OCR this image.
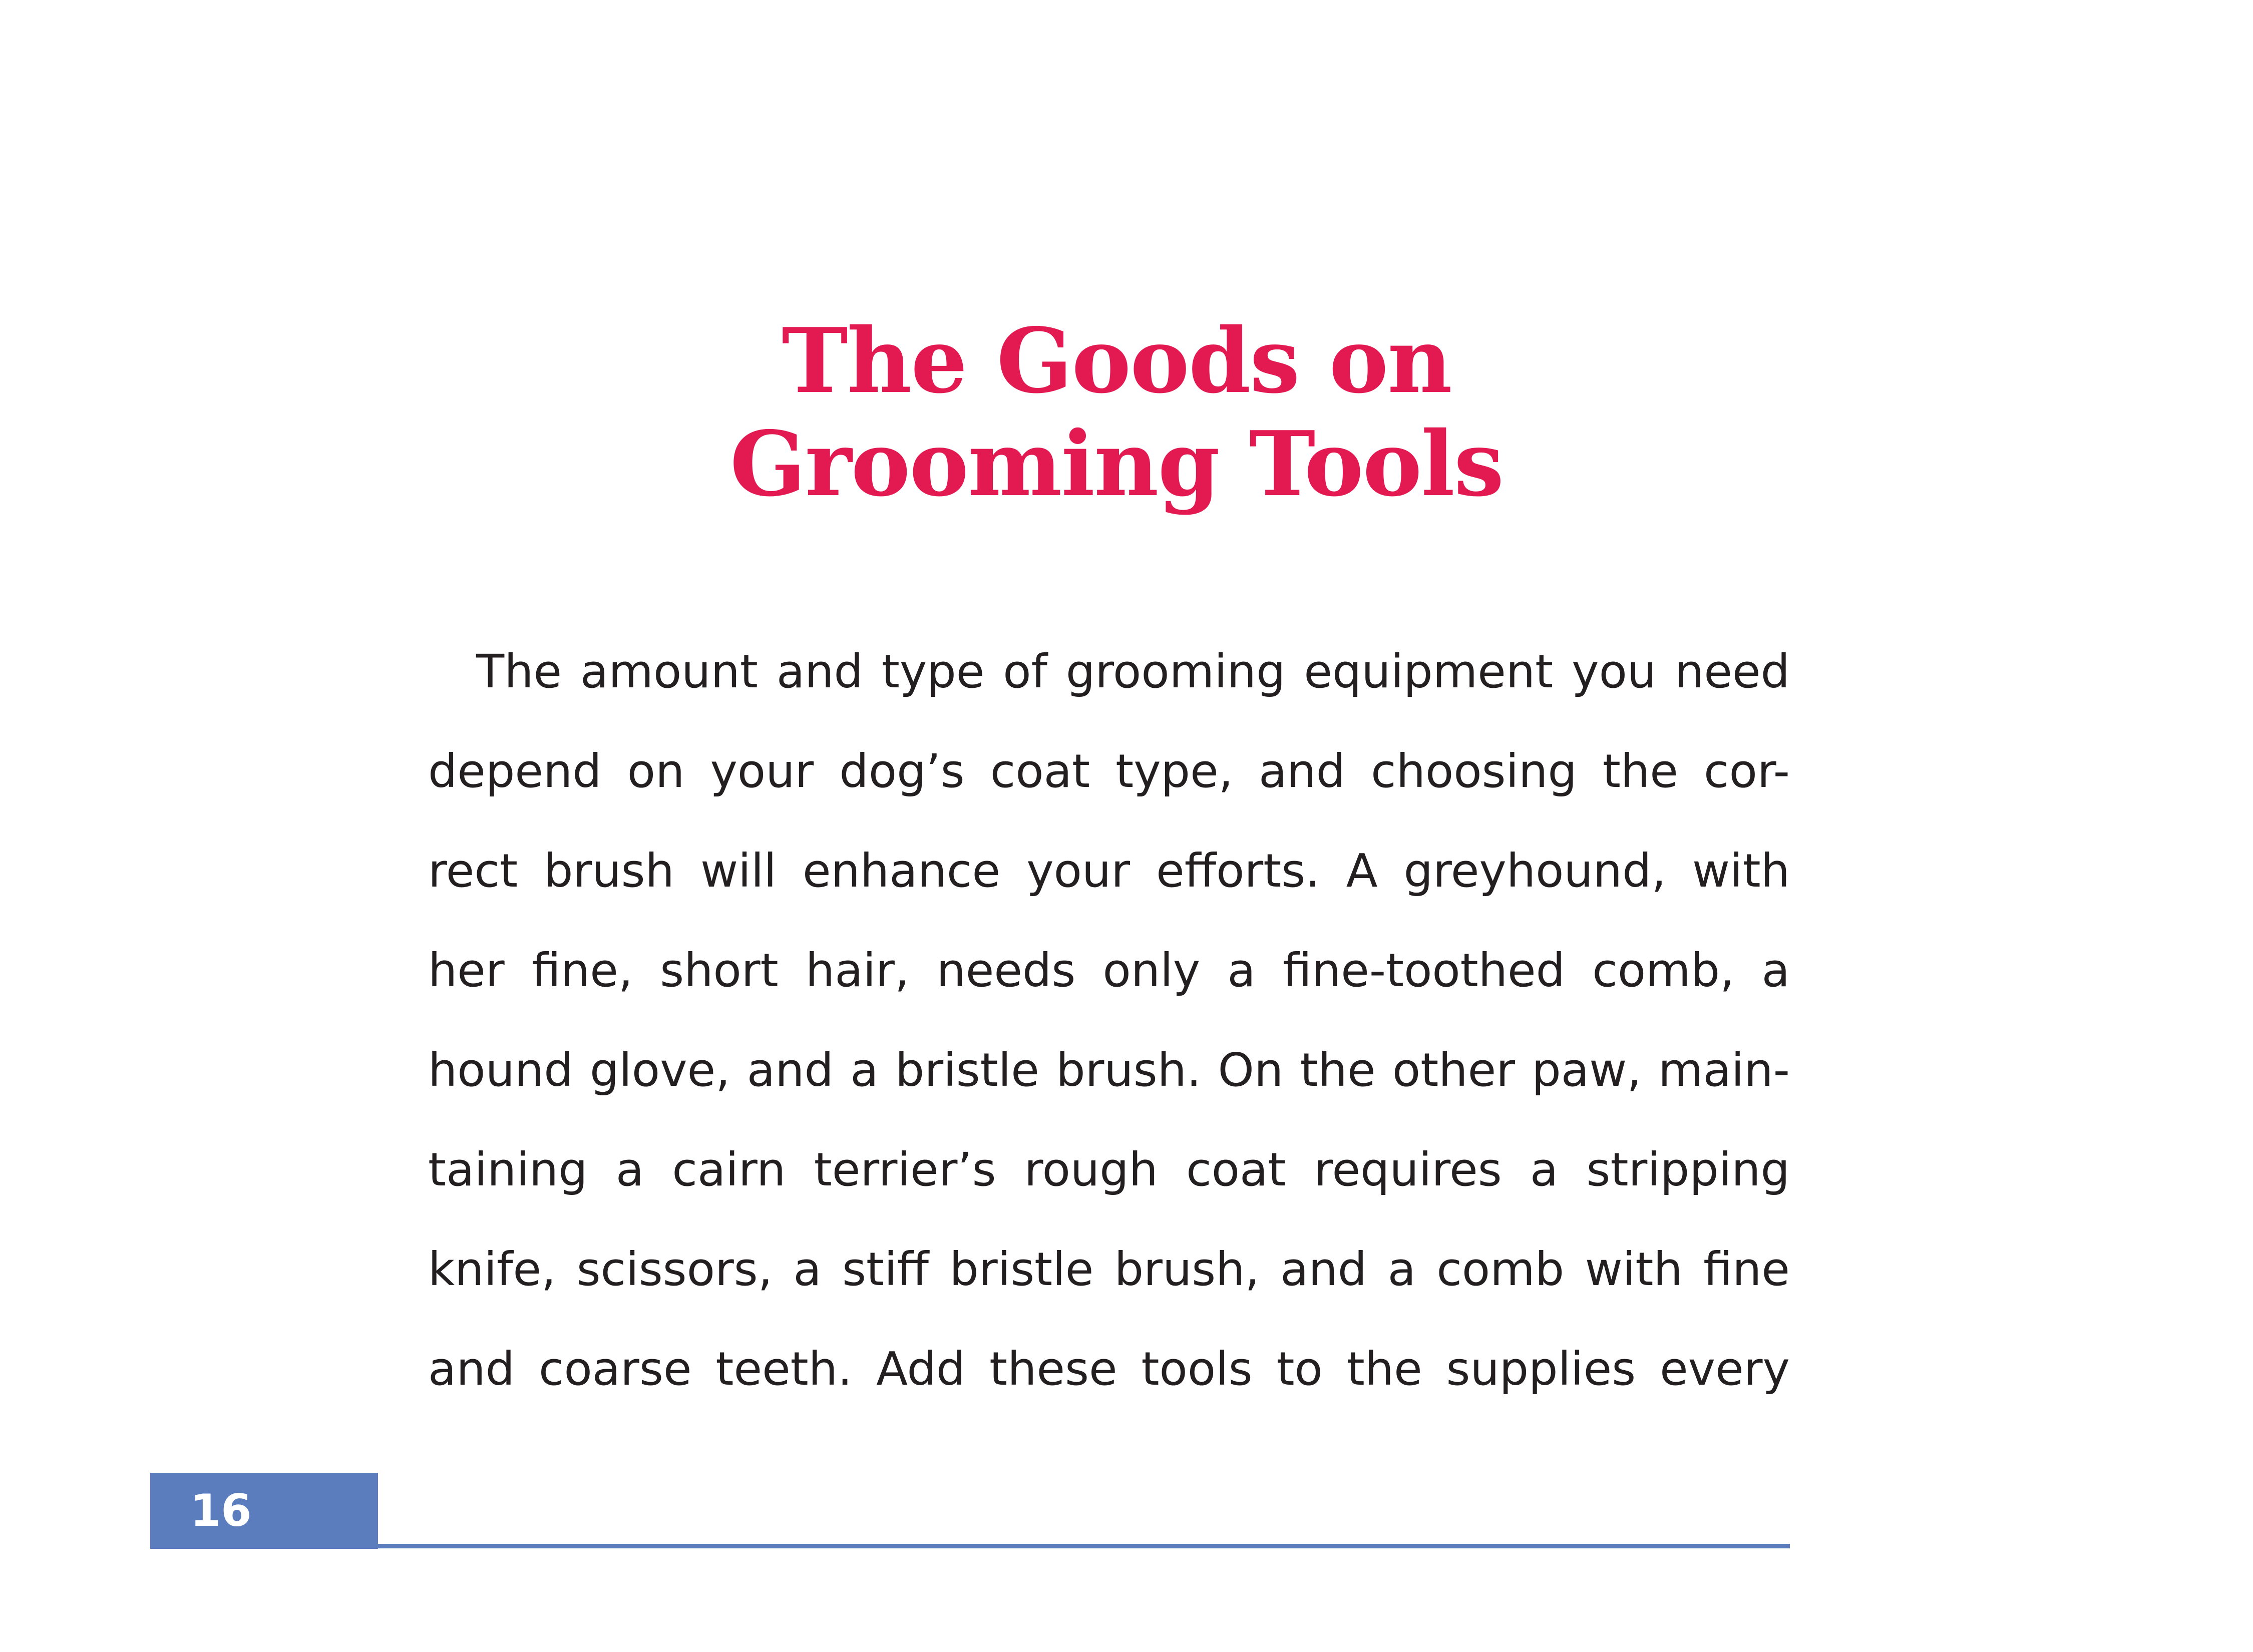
The Goods on
Grooming Tools
The amount and type of grooming equipment you need
depend on your dog’s coat type, and choosing the cor-
rect brush will enhance your efforts. A greyhound, with
her fine, short hair, needs only a fine-toothed comb, a
hound glove, and a bristle brush. On the other paw, main-
taining a cairn terrier’s rough coat requires a stripping
knife, scissors, a stiff bristle brush, and a comb with fine
and coarse teeth. Add these tools to the supplies every
16
